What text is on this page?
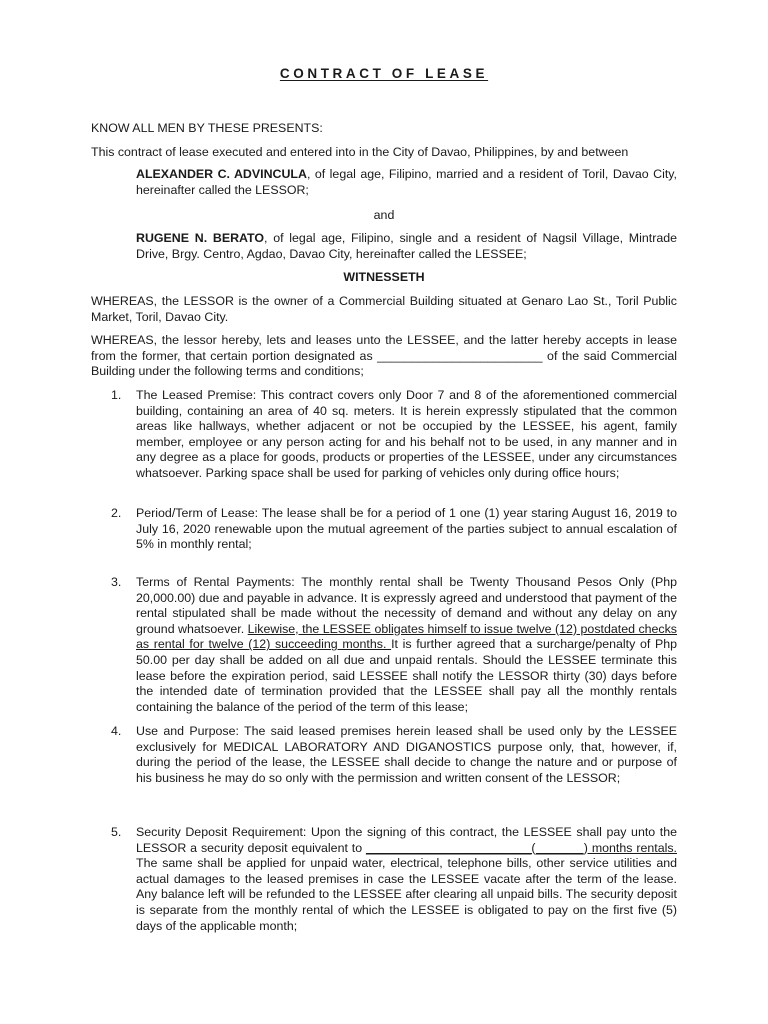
CONTRACT OF LEASE

KNOW ALL MEN BY THESE PRESENTS:

This contract of lease executed and entered into in the City of Davao, Philippines, by and between

ALEXANDER C. ADVINCULA, of legal age, Filipino, married and a resident of Toril, Davao City, hereinafter called the LESSOR;

and

RUGENE N. BERATO, of legal age, Filipino, single and a resident of Nagsil Village, Mintrade Drive, Brgy. Centro, Agdao, Davao City, hereinafter called the LESSEE;

WITNESSETH

WHEREAS, the LESSOR is the owner of a Commercial Building situated at Genaro Lao St., Toril Public Market, Toril, Davao City.

WHEREAS, the lessor hereby, lets and leases unto the LESSEE, and the latter hereby accepts in lease from the former, that certain portion designated as ________________________ of the said Commercial Building under the following terms and conditions;

1.	The Leased Premise: This contract covers only Door 7 and 8 of the aforementioned commercial building, containing an area of 40 sq. meters. It is herein expressly stipulated that the common areas like hallways, whether adjacent or not be occupied by the LESSEE, his agent, family member, employee or any person acting for and his behalf not to be used, in any manner and in any degree as a place for goods, products or properties of the LESSEE, under any circumstances whatsoever. Parking space shall be used for parking of vehicles only during office hours;

2.	Period/Term of Lease: The lease shall be for a period of 1 one (1) year staring August 16, 2019 to July 16, 2020 renewable upon the mutual agreement of the parties subject to annual escalation of 5% in monthly rental;

3.	Terms of Rental Payments: The monthly rental shall be Twenty Thousand Pesos Only (Php 20,000.00) due and payable in advance. It is expressly agreed and understood that payment of the rental stipulated shall be made without the necessity of demand and without any delay on any ground whatsoever. Likewise, the LESSEE obligates himself to issue twelve (12) postdated checks as rental for twelve (12) succeeding months. It is further agreed that a surcharge/penalty of Php 50.00 per day shall be added on all due and unpaid rentals. Should the LESSEE terminate this lease before the expiration period, said LESSEE shall notify the LESSOR thirty (30) days before the intended date of termination provided that the LESSEE shall pay all the monthly rentals containing the balance of the period of the term of this lease;

4.	Use and Purpose: The said leased premises herein leased shall be used only by the LESSEE exclusively for MEDICAL LABORATORY AND DIGANOSTICS purpose only, that, however, if, during the period of the lease, the LESSEE shall decide to change the nature and or purpose of his business he may do so only with the permission and written consent of the LESSOR;

5.	Security Deposit Requirement: Upon the signing of this contract, the LESSEE shall pay unto the LESSOR a security deposit equivalent to ________________________(_______) months rentals. The same shall be applied for unpaid water, electrical, telephone bills, other service utilities and actual damages to the leased premises in case the LESSEE vacate after the term of the lease. Any balance left will be refunded to the LESSEE after clearing all unpaid bills. The security deposit is separate from the monthly rental of which the LESSEE is obligated to pay on the first five (5) days of the applicable month;
